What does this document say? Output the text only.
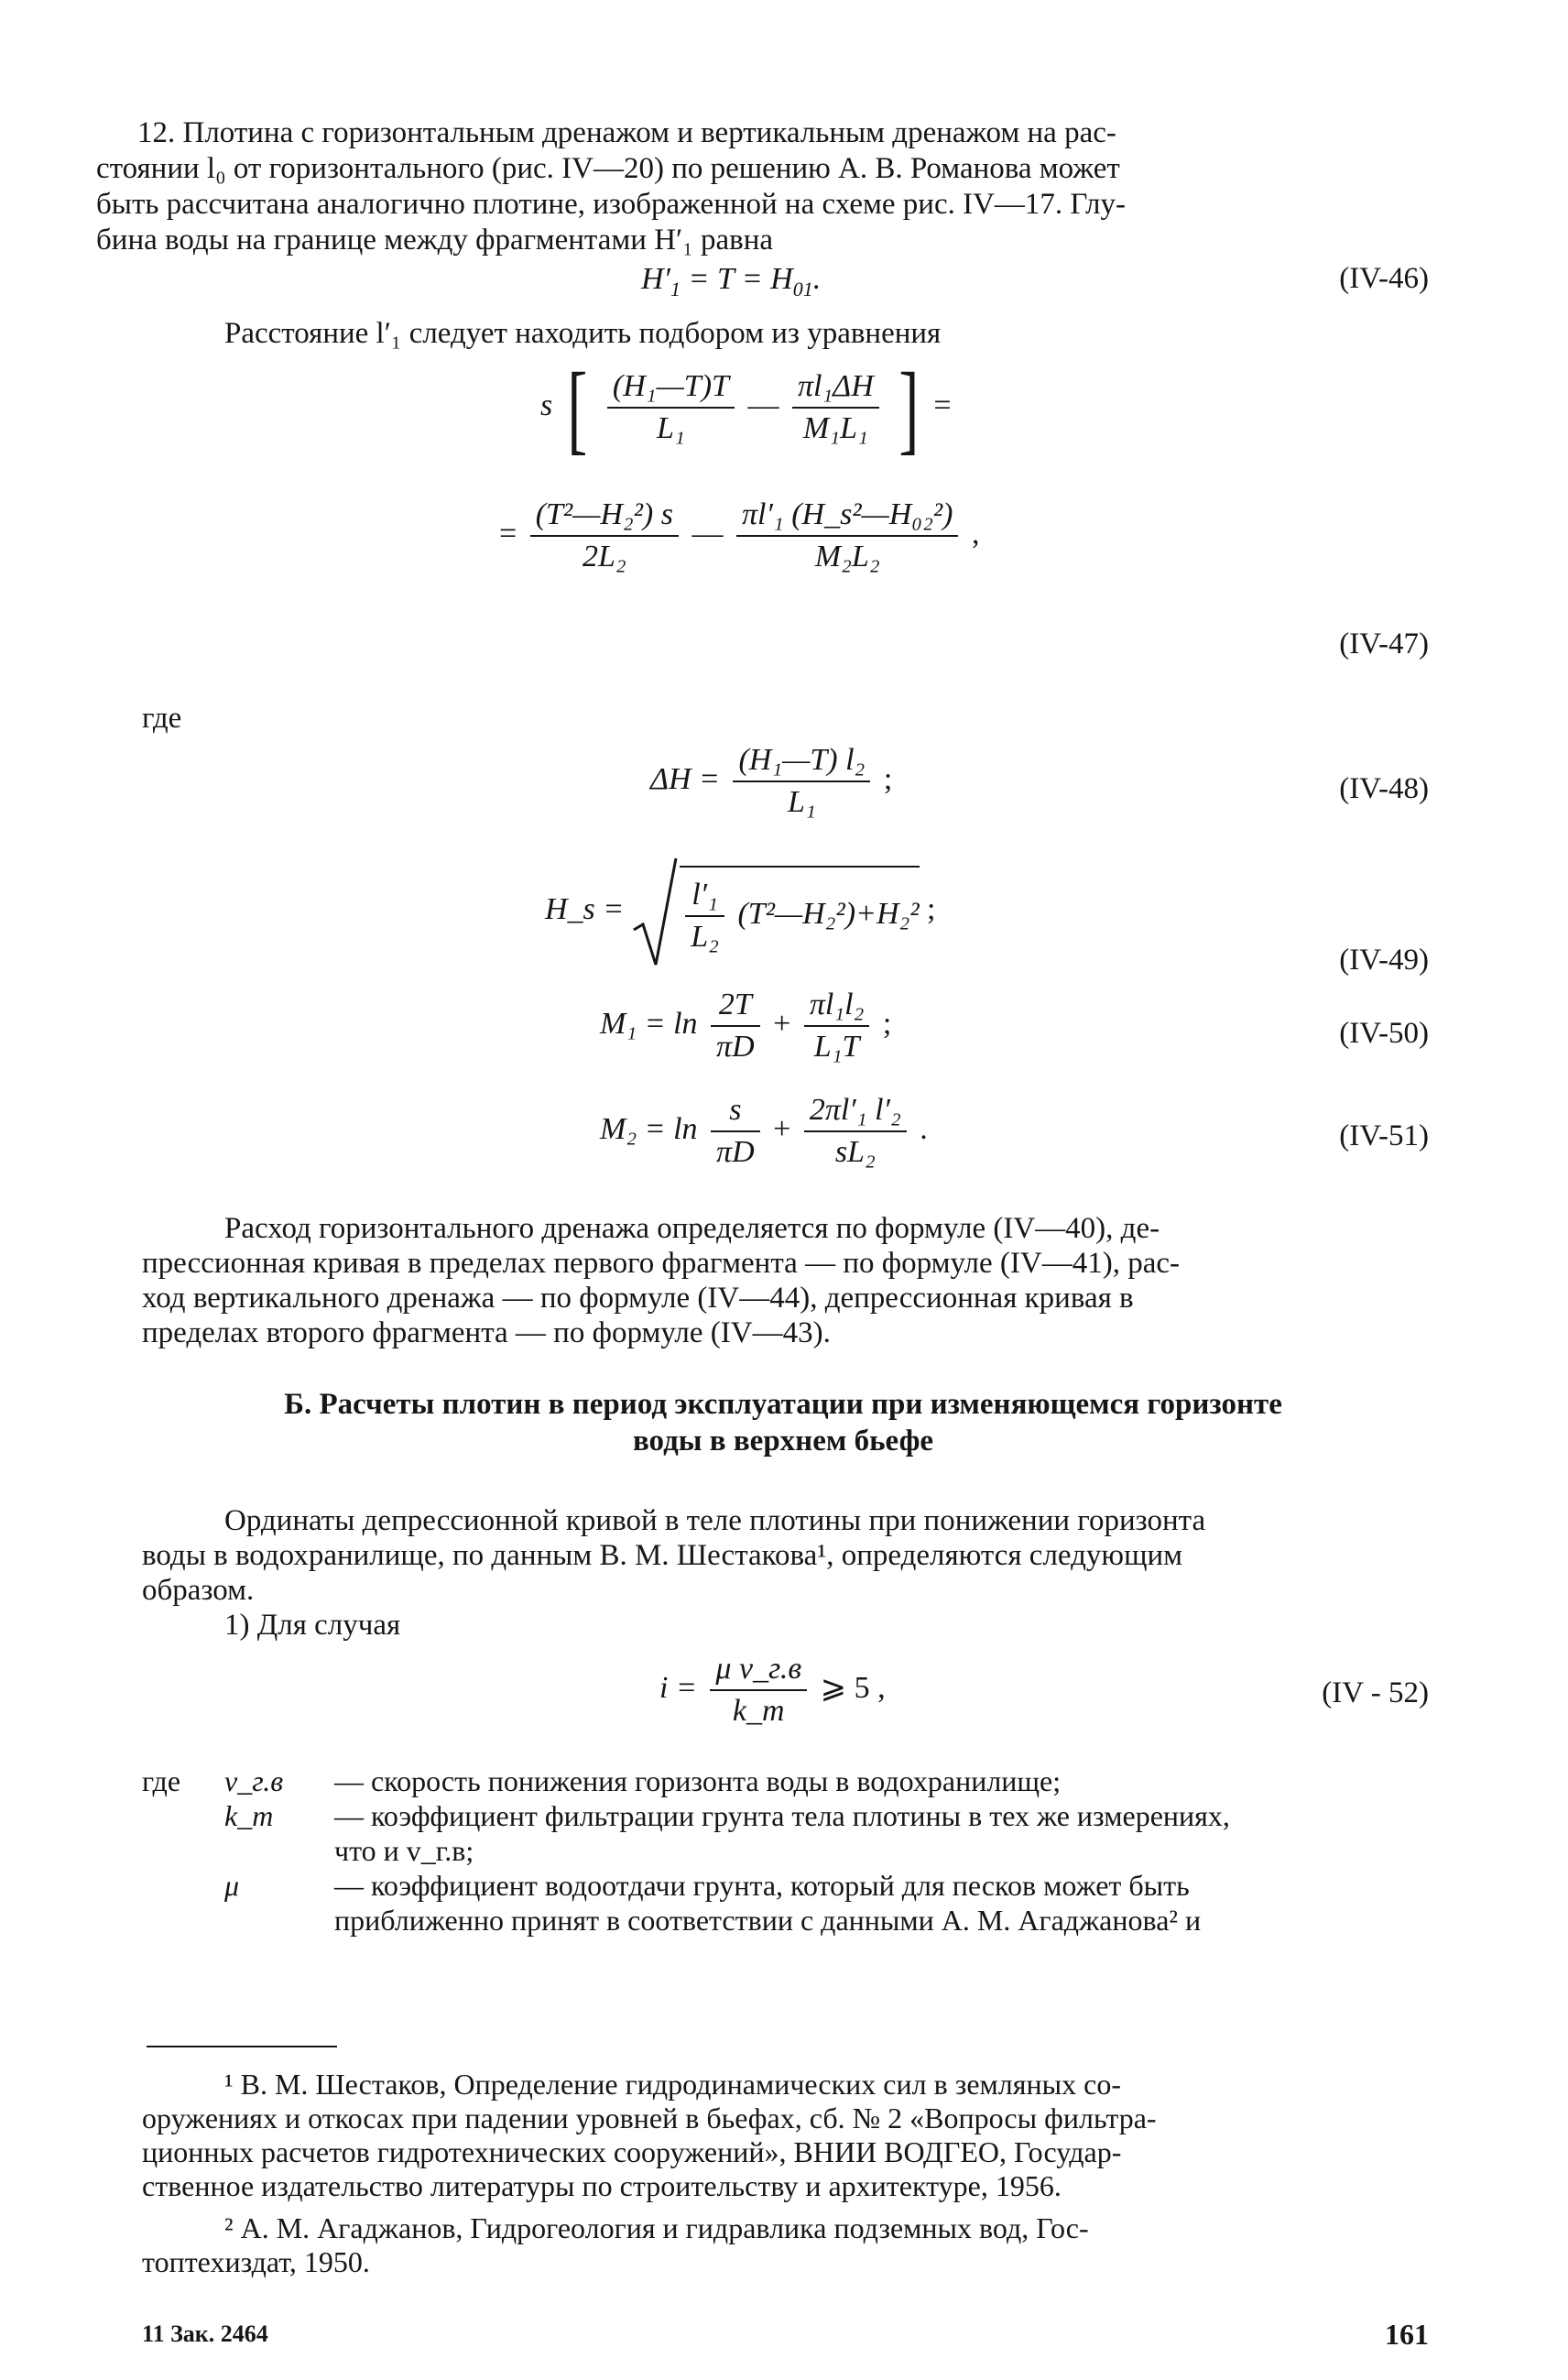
12. Плотина с горизонтальным дренажом и вертикальным дренажом на рас-
стоянии l₀ от горизонтального (рис. IV—20) по решению А. В. Романова может
быть рассчитана аналогично плотине, изображенной на схеме рис. IV—17. Глу-
бина воды на границе между фрагментами H′₁ равна
$H'_1 = T = H_{01}$.	(IV-46)
Расстояние l′₁ следует находить подбором из уравнения
s [ $\frac{\text{(H₁—T)T}}{\text{L₁}}$ — $\frac{\text{πl₁ΔH}}{\text{M₁L₁}}$ ] =
= $\frac{\text{(T²—H₂²) s}}{\text{2L₂}}$ — $\frac{\text{πl′₁ (H\_s²—H₀₂²)}}{\text{M₂L₂}}$ ,
(IV-47)
где
$\Delta H = \frac{\text{(H₁—T) l₂}}{\text{L₁}}$ ;	(IV-48)
H_s = $\frac{\text{l′₁}}{\text{L₂}}$ (T²—H₂²)+H₂² ;
(IV-49)
$M_1 = \ln \frac{2T}{\pi D} + \frac{\text{πl₁l₂}}{\text{L₁T}}$ ;	(IV-50)
$M_2 = \ln \frac{s}{\pi D} + \frac{\text{2πl′₁ l′₂}}{\text{sL₂}}$ .	(IV-51)
Расход горизонтального дренажа определяется по формуле (IV—40), де-
прессионная кривая в пределах первого фрагмента — по формуле (IV—41), рас-
ход вертикального дренажа — по формуле (IV—44), депрессионная кривая в
пределах второго фрагмента — по формуле (IV—43).
Б. Расчеты плотин в период эксплуатации при изменяющемся горизонте
воды в верхнем бьефе
Ординаты депрессионной кривой в теле плотины при понижении горизонта
воды в водохранилище, по данным В. М. Шестакова¹, определяются следующим
образом.
1) Для случая
$i = \frac{\text{μ v\_г.в}}{k\_т}$ ⩾ 5 ,	(IV - 52)
где v_г.в — скорость понижения горизонта воды в водохранилище;
k_т — коэффициент фильтрации грунта тела плотины в тех же измерениях,
что и v_г.в;
μ	— коэффициент водоотдачи грунта, который для песков может быть
приближенно принят в соответствии с данными А. М. Агаджанова² и
¹ В. М. Шестаков, Определение гидродинамических сил в земляных со-
оружениях и откосах при падении уровней в бьефах, сб. № 2 «Вопросы фильтра-
ционных расчетов гидротехнических сооружений», ВНИИ ВОДГЕО, Государ-
ственное издательство литературы по строительству и архитектуре, 1956.
² А. М. Агаджанов, Гидрогеология и гидравлика подземных вод, Гос-
топтехиздат, 1950.
11 Зак. 2464	161
